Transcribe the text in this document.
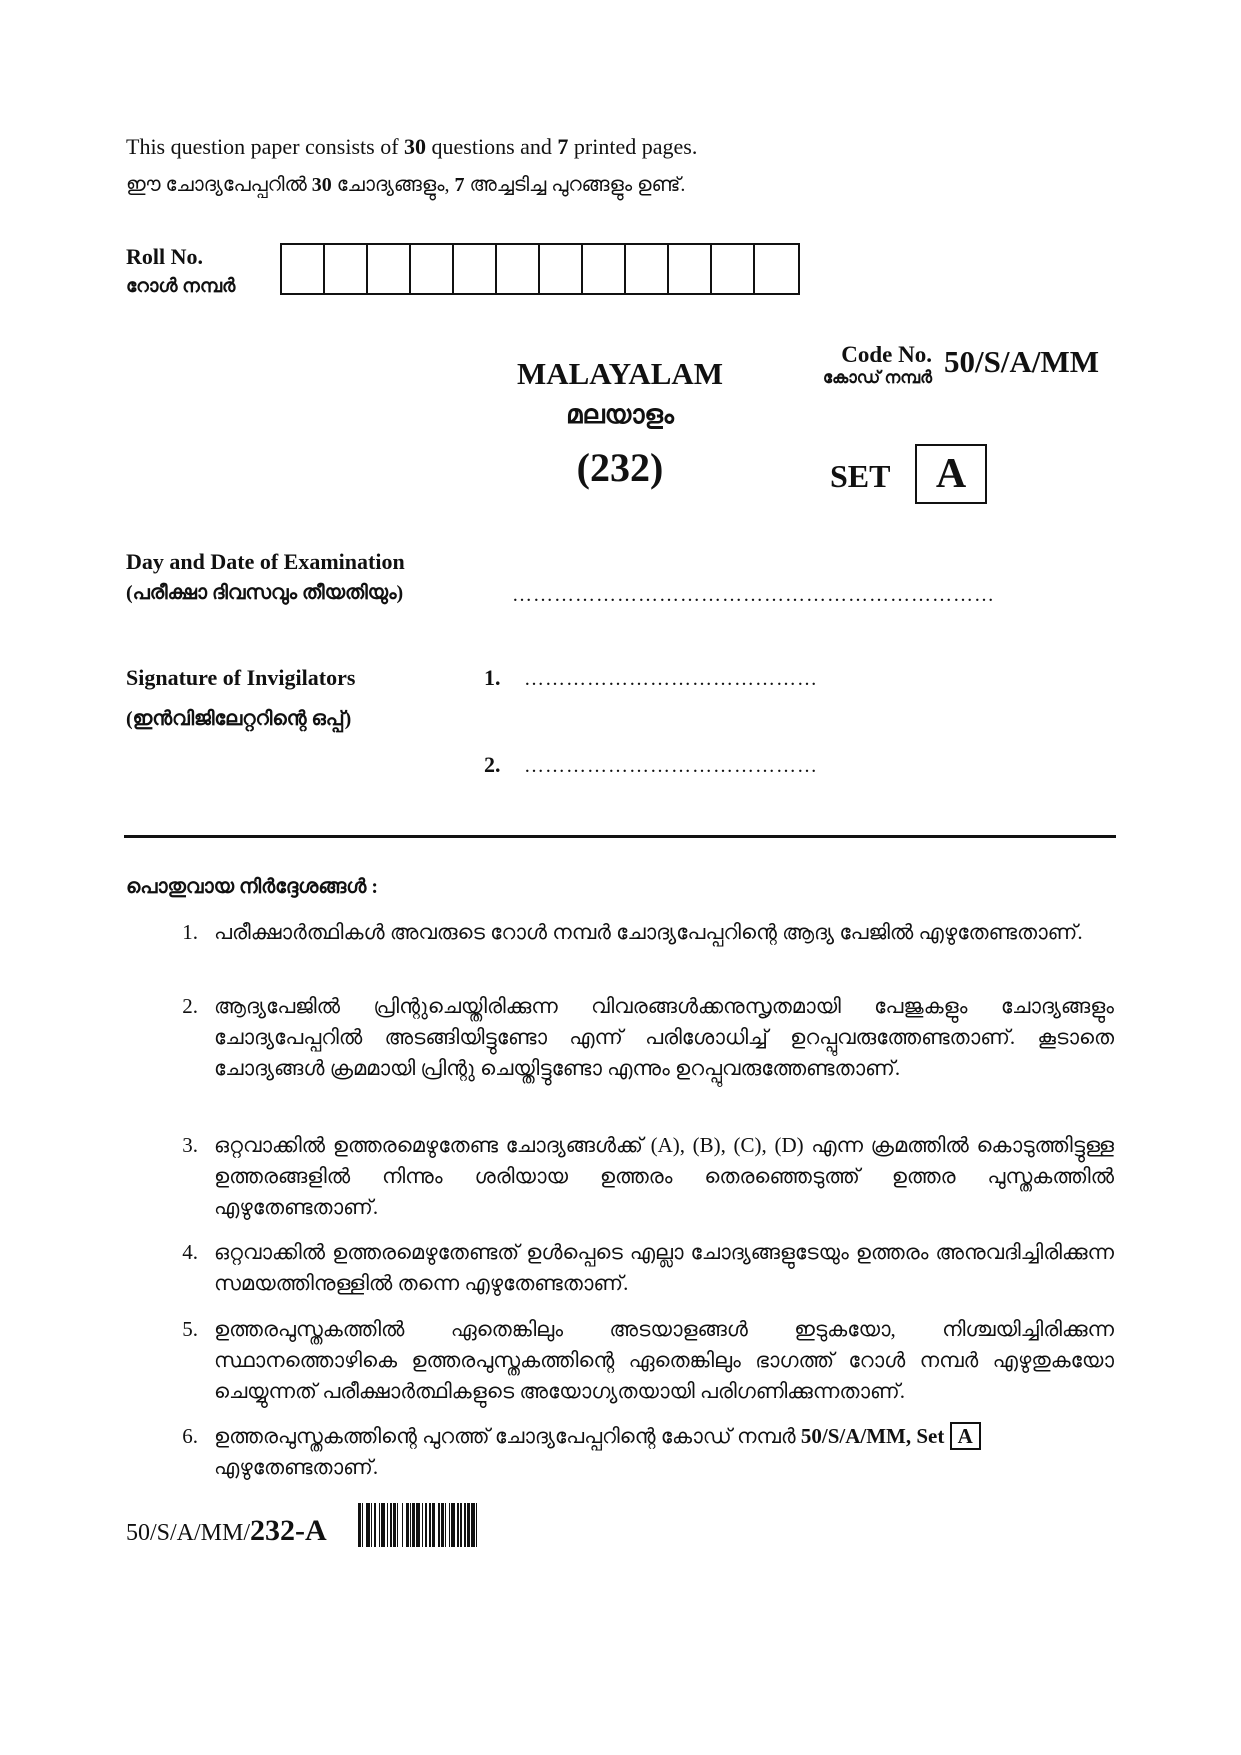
This question paper consists of 30 questions and 7 printed pages.
ഈ ചോദ്യപേപ്പറിൽ 30 ചോദ്യങ്ങളും, 7 അച്ചടിച്ച പുറങ്ങളും ഉണ്ട്.
Roll No.
റോൾ നമ്പർ
MALAYALAM
മലയാളം
(232)
Code No.
കോഡ് നമ്പർ 50/S/A/MM
SET	A
Day and Date of Examination
(പരീക്ഷാ ദിവസവും തീയതിയും)	……………………………………………………………
Signature of Invigilators
(ഇൻവിജിലേറ്ററിന്റെ ഒപ്പ്)
1. ……………………………………
2. ……………………………………
പൊതുവായ നിർദ്ദേശങ്ങൾ :
1. പരീക്ഷാർത്ഥികൾ അവരുടെ റോൾ നമ്പർ ചോദ്യപേപ്പറിന്റെ ആദ്യ പേജിൽ എഴുതേണ്ടതാണ്.
2. ആദ്യപേജിൽ പ്രിന്റുചെയ്തിരിക്കുന്ന വിവരങ്ങൾക്കനുസൃതമായി പേജുകളും ചോദ്യങ്ങളും ചോദ്യപേപ്പറിൽ അടങ്ങിയിട്ടുണ്ടോ എന്ന് പരിശോധിച്ച് ഉറപ്പുവരുത്തേണ്ടതാണ്. കൂടാതെ ചോദ്യങ്ങൾ ക്രമമായി പ്രിന്റു ചെയ്തിട്ടുണ്ടോ എന്നും ഉറപ്പുവരുത്തേണ്ടതാണ്.
3. ഒറ്റവാക്കിൽ ഉത്തരമെഴുതേണ്ട ചോദ്യങ്ങൾക്ക് (A), (B), (C), (D) എന്ന ക്രമത്തിൽ കൊടുത്തിട്ടുള്ള ഉത്തരങ്ങളിൽ നിന്നും ശരിയായ ഉത്തരം തെരഞ്ഞെടുത്ത് ഉത്തര പുസ്തകത്തിൽ എഴുതേണ്ടതാണ്.
4. ഒറ്റവാക്കിൽ ഉത്തരമെഴുതേണ്ടത് ഉൾപ്പെടെ എല്ലാ ചോദ്യങ്ങളുടേയും ഉത്തരം അനുവദിച്ചിരിക്കുന്ന സമയത്തിനുള്ളിൽ തന്നെ എഴുതേണ്ടതാണ്.
5. ഉത്തരപുസ്തകത്തിൽ ഏതെങ്കിലും അടയാളങ്ങൾ ഇടുകയോ, നിശ്ചയിച്ചിരിക്കുന്ന സ്ഥാനത്തൊഴികെ ഉത്തരപുസ്തകത്തിന്റെ ഏതെങ്കിലും ഭാഗത്ത് റോൾ നമ്പർ എഴുതുകയോ ചെയ്യുന്നത് പരീക്ഷാർത്ഥികളുടെ അയോഗ്യതയായി പരിഗണിക്കുന്നതാണ്.
6. ഉത്തരപുസ്തകത്തിന്റെ പുറത്ത് ചോദ്യപേപ്പറിന്റെ കോഡ് നമ്പർ 50/S/A/MM, Set A
എഴുതേണ്ടതാണ്.
50/S/A/MM/232-A
